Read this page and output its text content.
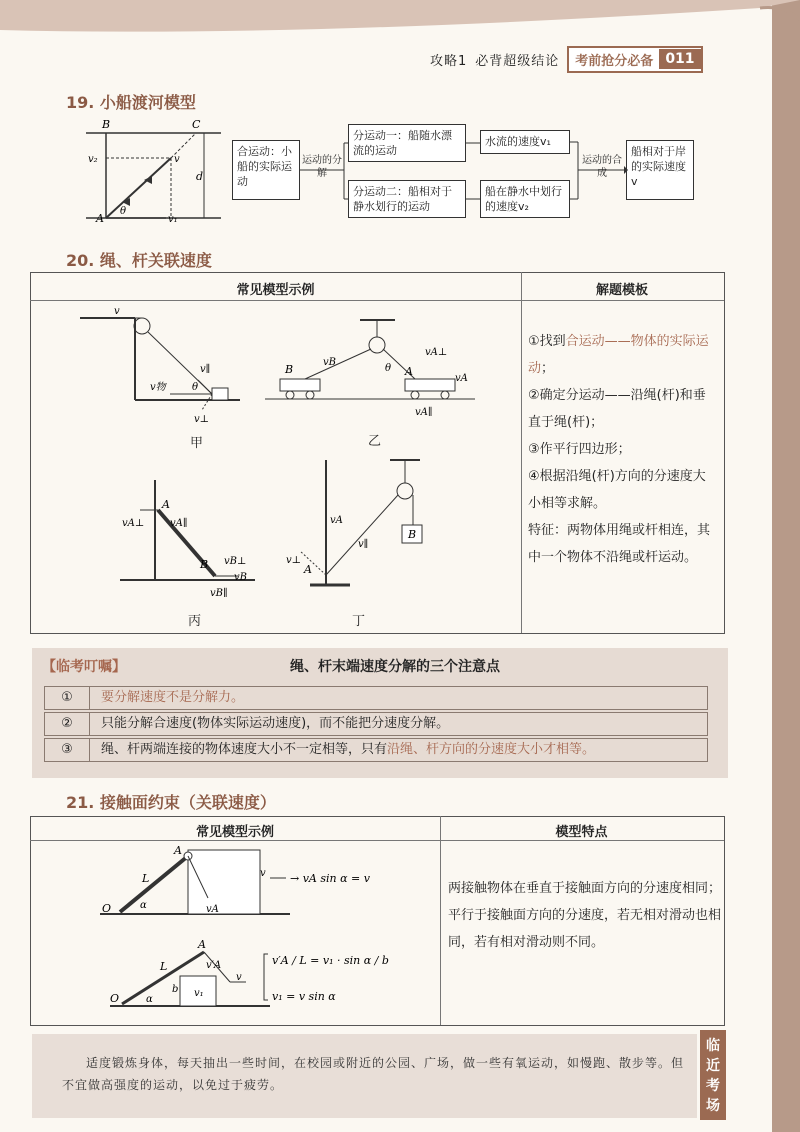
攻略1 必背超级结论	考前抢分必备 011
19. 小船渡河模型
B	C
A
v₂	v
v₁
θ
d
合运动：小船的实际运动
运动的分解
分运动一：船随水漂流的运动
分运动二：船相对于静水划行的运动
水流的速度v₁
船在静水中划行的速度v₂
运动的合成
船相对于岸的实际速度v
20. 绳、杆关联速度
常见模型示例	解题模板
①找到合运动——物体的实际运动；
②确定分运动——沿绳(杆)和垂直于绳(杆)；
③作平行四边形；
④根据沿绳(杆)方向的分速度大小相等求解。
特征：两物体用绳或杆相连，其中一个物体不沿绳或杆运动。
v
v∥
v物	θ
v⊥
甲
B	A
vB
vA⊥
vA
θ
vA∥
乙
A
B
vA⊥	vA∥
vB⊥
vB
vB∥
丙
B
A
vA
v∥
v⊥
丁
【临考叮嘱】	绳、杆末端速度分解的三个注意点
①	要分解速度不是分解力。
②	只能分解合速度(物体实际运动速度)，而不能把分速度分解。
③	绳、杆两端连接的物体速度大小不一定相等，只有沿绳、杆方向的分速度大小才相等。
21. 接触面约束（关联速度）
常见模型示例	模型特点
两接触物体在垂直于接触面方向的分速度相同；平行于接触面方向的分速度，若无相对滑动也相同，若有相对滑动则不同。
A
L
O	α
v
vA
→ vA sin α = v
A
L
O	α
b v₁
v′A
v
v′A / L = v₁ · sin α / b
v₁ = v sin α
适度锻炼身体，每天抽出一些时间，在校园或附近的公园、广场，做一些有氧运动，如慢跑、散步等。但不宜做高强度的运动，以免过于疲劳。
临近考场
